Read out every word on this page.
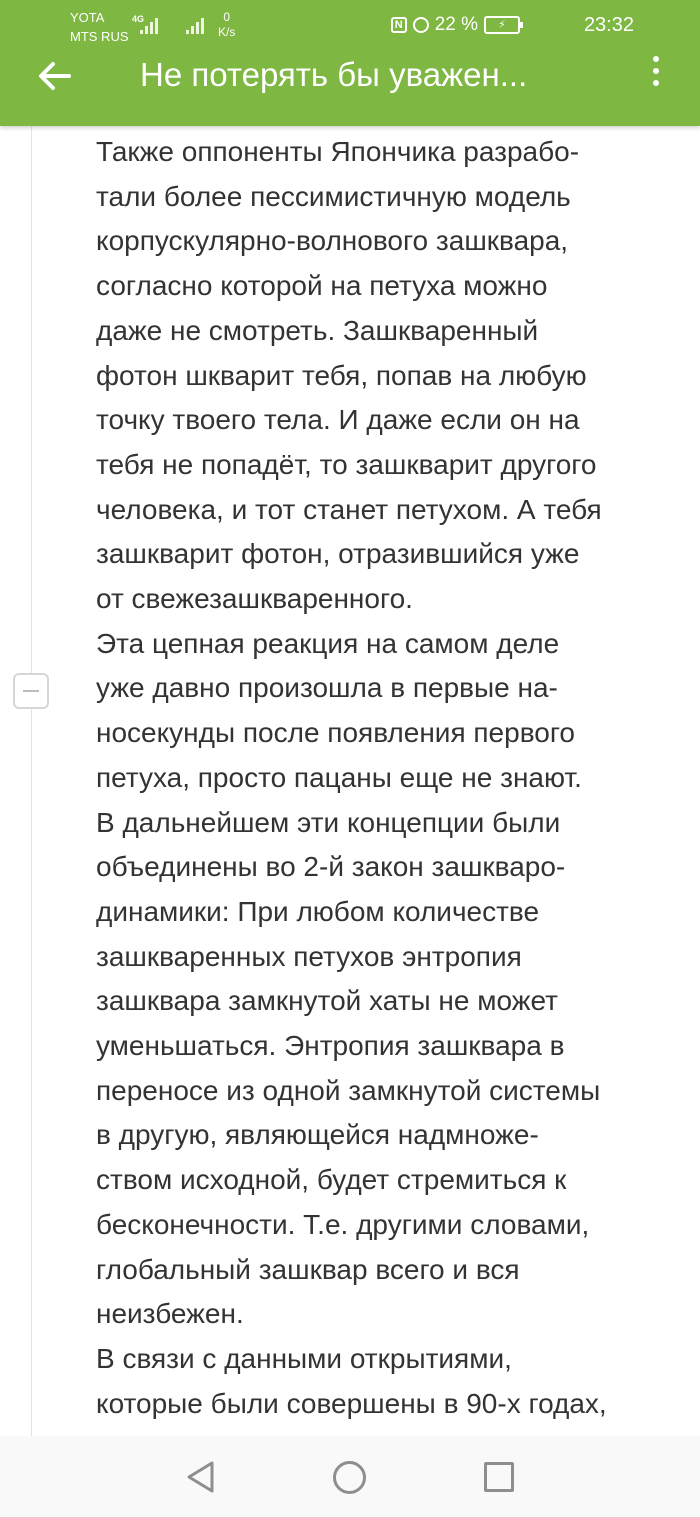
YOTA
MTS RUS
4G	0
K/s	N 22 %	⚡	23:32
Не потерять бы уважен...
Также оппоненты Япончика разрабо-
тали более пессимистичную модель
корпускулярно-волнового зашквара,
согласно которой на петуха можно
даже не смотреть. Зашкваренный
фотон шкварит тебя, попав на любую
точку твоего тела. И даже если он на
тебя не попадёт, то зашкварит другого
человека, и тот станет петухом. А тебя
зашкварит фотон, отразившийся уже
от свежезашкваренного.
Эта цепная реакция на самом деле
уже давно произошла в первые на-
носекунды после появления первого
петуха, просто пацаны еще не знают.
В дальнейшем эти концепции были
объединены во 2-й закон зашкваро-
динамики: При любом количестве
зашкваренных петухов энтропия
зашквара замкнутой хаты не может
уменьшаться. Энтропия зашквара в
переносе из одной замкнутой системы
в другую, являющейся надмноже-
ством исходной, будет стремиться к
бесконечности. Т.е. другими словами,
глобальный зашквар всего и вся
неизбежен.
В связи с данными открытиями,
которые были совершены в 90-х годах,
